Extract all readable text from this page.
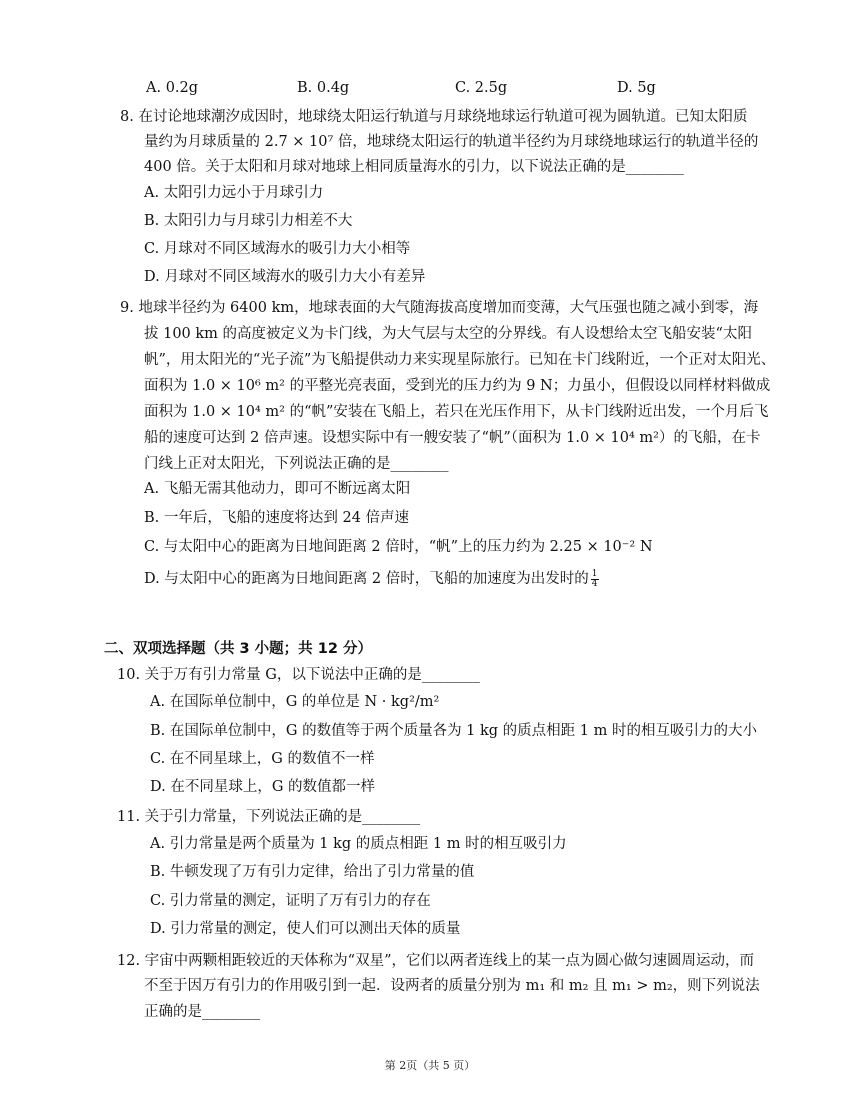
A. 0.2g	B. 0.4g	C. 2.5g	D. 5g
8. 在讨论地球潮汐成因时，地球绕太阳运行轨道与月球绕地球运行轨道可视为圆轨道。已知太阳质
量约为月球质量的 2.7 × 10⁷ 倍，地球绕太阳运行的轨道半径约为月球绕地球运行的轨道半径的
400 倍。关于太阳和月球对地球上相同质量海水的引力，以下说法正确的是________
A. 太阳引力远小于月球引力
B. 太阳引力与月球引力相差不大
C. 月球对不同区域海水的吸引力大小相等
D. 月球对不同区域海水的吸引力大小有差异
9. 地球半径约为 6400 km，地球表面的大气随海拔高度增加而变薄，大气压强也随之减小到零，海
拔 100 km 的高度被定义为卡门线，为大气层与太空的分界线。有人设想给太空飞船安装“太阳
帆”，用太阳光的“光子流”为飞船提供动力来实现星际旅行。已知在卡门线附近，一个正对太阳光、
面积为 1.0 × 10⁶ m² 的平整光亮表面，受到光的压力约为 9 N；力虽小，但假设以同样材料做成
面积为 1.0 × 10⁴ m² 的“帆”安装在飞船上，若只在光压作用下，从卡门线附近出发，一个月后飞
船的速度可达到 2 倍声速。设想实际中有一艘安装了“帆”（面积为 1.0 × 10⁴ m²）的飞船，在卡
门线上正对太阳光，下列说法正确的是________
A. 飞船无需其他动力，即可不断远离太阳
B. 一年后，飞船的速度将达到 24 倍声速
C. 与太阳中心的距离为日地间距离 2 倍时，“帆”上的压力约为 2.25 × 10⁻² N
D. 与太阳中心的距离为日地间距离 2 倍时，飞船的加速度为出发时的 $\frac{1}{4}$
二、双项选择题（共 3 小题；共 12 分）
10. 关于万有引力常量 G，以下说法中正确的是________
A. 在国际单位制中，G 的单位是 N · kg²/m²
B. 在国际单位制中，G 的数值等于两个质量各为 1 kg 的质点相距 1 m 时的相互吸引力的大小
C. 在不同星球上，G 的数值不一样
D. 在不同星球上，G 的数值都一样
11. 关于引力常量，下列说法正确的是________
A. 引力常量是两个质量为 1 kg 的质点相距 1 m 时的相互吸引力
B. 牛顿发现了万有引力定律，给出了引力常量的值
C. 引力常量的测定，证明了万有引力的存在
D. 引力常量的测定，使人们可以测出天体的质量
12. 宇宙中两颗相距较近的天体称为“双星”，它们以两者连线上的某一点为圆心做匀速圆周运动，而
不至于因万有引力的作用吸引到一起．设两者的质量分别为 m₁ 和 m₂ 且 m₁ > m₂，则下列说法
正确的是________
第 2页（共 5 页）
